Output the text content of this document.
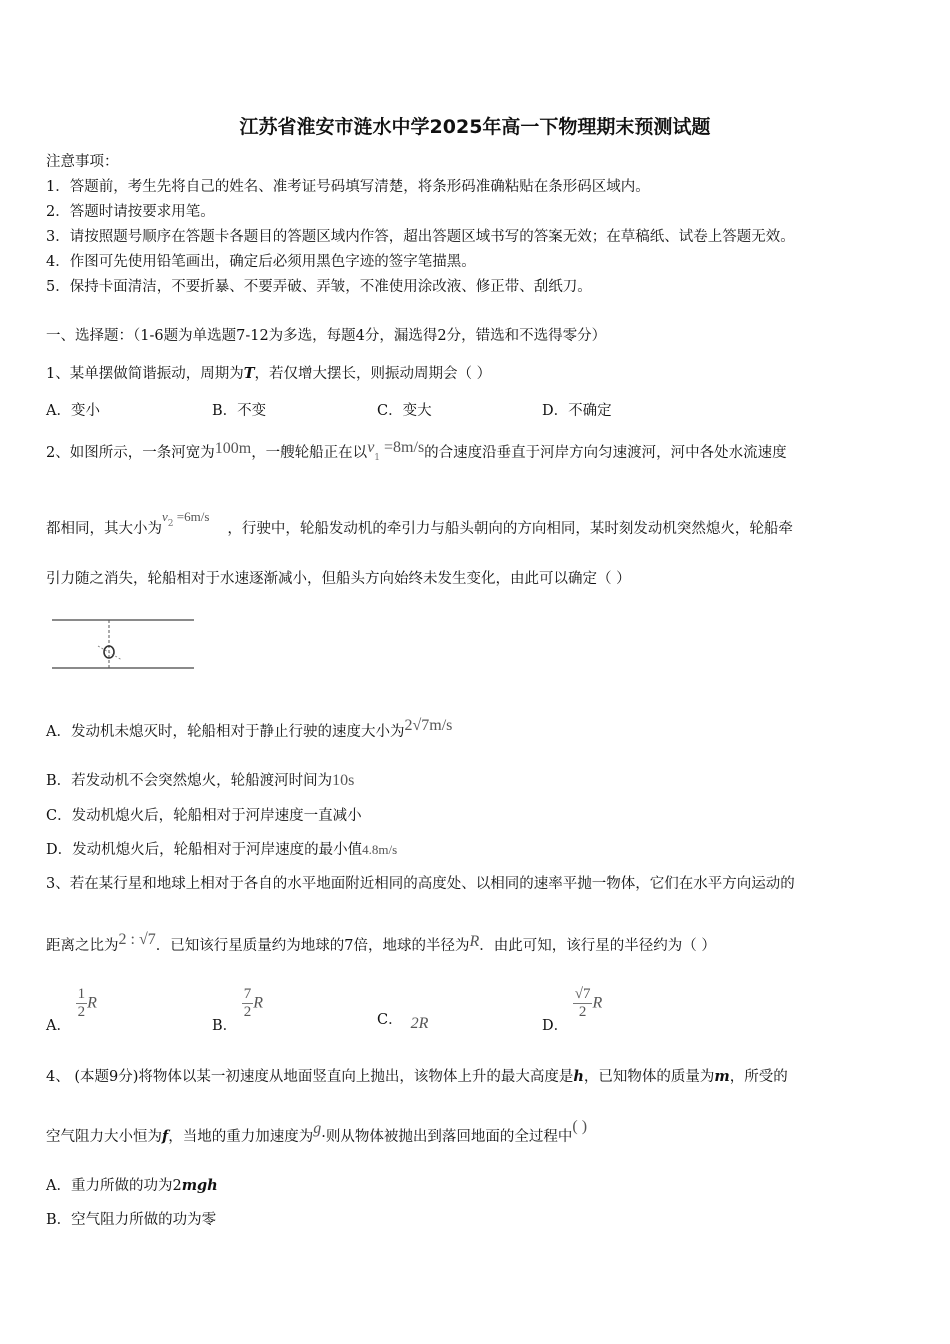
江苏省淮安市涟水中学2025年高一下物理期末预测试题
注意事项：
1．答题前，考生先将自己的姓名、准考证号码填写清楚，将条形码准确粘贴在条形码区域内。
2．答题时请按要求用笔。
3．请按照题号顺序在答题卡各题目的答题区域内作答，超出答题区域书写的答案无效；在草稿纸、试卷上答题无效。
4．作图可先使用铅笔画出，确定后必须用黑色字迹的签字笔描黑。
5．保持卡面清洁，不要折暴、不要弄破、弄皱，不准使用涂改液、修正带、刮纸刀。
一、选择题：（1-6题为单选题7-12为多选，每题4分，漏选得2分，错选和不选得零分）
1、某单摆做简谐振动，周期为T，若仅增大摆长，则振动周期会（ ）
A．变小	B．不变	C．变大	D．不确定
2、如图所示，一条河宽为100m，一艘轮船正在以$v_1 =8m/s$的合速度沿垂直于河岸方向匀速渡河，河中各处水流速度
都相同，其大小为$v^2 =6m/s$，行驶中，轮船发动机的牵引力与船头朝向的方向相同，某时刻发动机突然熄火，轮船牵
引力随之消失，轮船相对于水速逐渐减小，但船头方向始终未发生变化，由此可以确定（ ）
A．发动机未熄灭时，轮船相对于静止行驶的速度大小为2√7m/s
B．若发动机不会突然熄火，轮船渡河时间为10s
C．发动机熄火后，轮船相对于河岸速度一直减小
D．发动机熄火后，轮船相对于河岸速度的最小值4.8m/s
3、若在某行星和地球上相对于各自的水平地面附近相同的高度处、以相同的速率平抛一物体，它们在水平方向运动的
距离之比为2 : √7．已知该行星质量约为地球的7倍，地球的半径为R．由此可知，该行星的半径约为（ ）
A．
$\frac{1}{2}$ R
B．
$\frac{7}{2}$ R
C． 2R	D．
$\frac{√7}{2}$ R
4、 (本题9分)将物体以某一初速度从地面竖直向上抛出，该物体上升的最大高度是h，已知物体的质量为m，所受的
空气阻力大小恒为f，当地的重力加速度为g·则从物体被抛出到落回地面的全过程中( )
A．重力所做的功为2mgh
B．空气阻力所做的功为零
